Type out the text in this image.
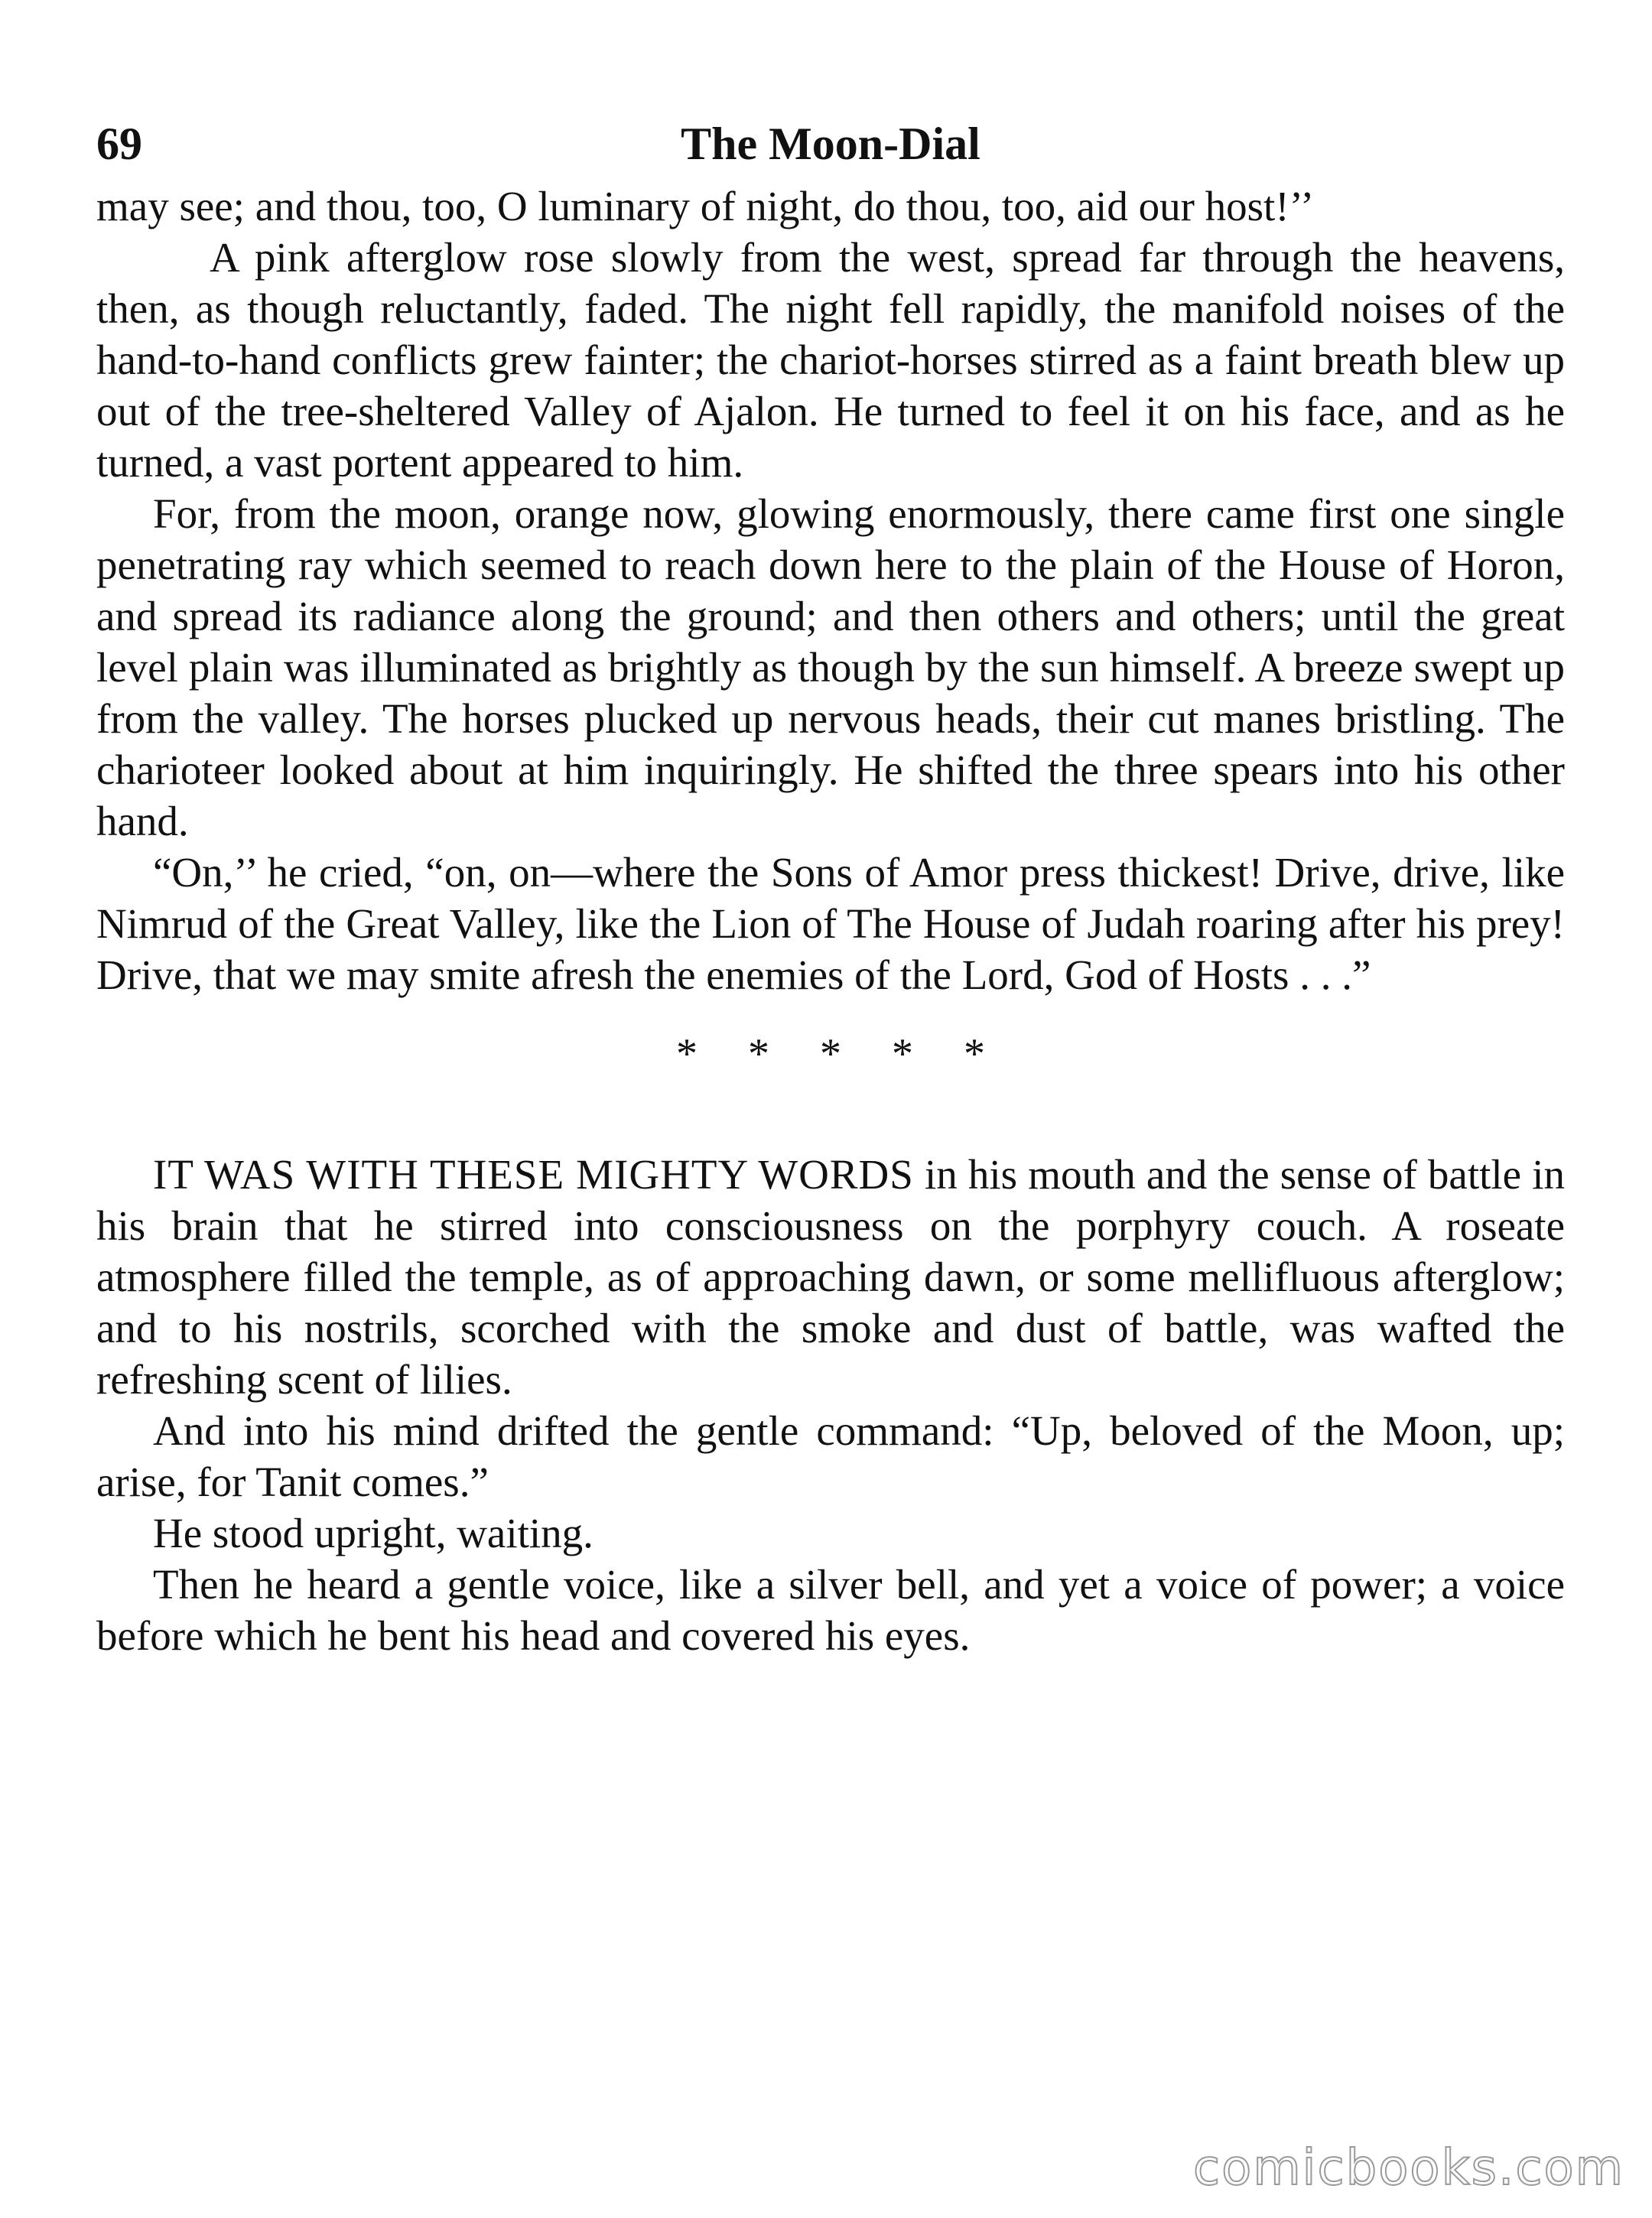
69	The Moon-Dial

may see; and thou, too, O luminary of night, do thou, too, aid our host!’’

A pink afterglow rose slowly from the west, spread far through the heavens, then, as though reluctantly, faded. The night fell rapidly, the manifold noises of the hand-to-hand conflicts grew fainter; the chariot-horses stirred as a faint breath blew up out of the tree-sheltered Valley of Ajalon. He turned to feel it on his face, and as he turned, a vast portent appeared to him.

For, from the moon, orange now, glowing enormously, there came first one single penetrating ray which seemed to reach down here to the plain of the House of Horon, and spread its radiance along the ground; and then others and others; until the great level plain was illuminated as brightly as though by the sun himself. A breeze swept up from the valley. The horses plucked up nervous heads, their cut manes bristling. The charioteer looked about at him inquiringly. He shifted the three spears into his other hand.

“On,’’ he cried, “on, on—where the Sons of Amor press thickest! Drive, drive, like Nimrud of the Great Valley, like the Lion of The House of Judah roaring after his prey! Drive, that we may smite afresh the enemies of the Lord, God of Hosts . . .”

* * * * *

IT WAS WITH THESE MIGHTY WORDS in his mouth and the sense of battle in his brain that he stirred into consciousness on the porphyry couch. A roseate atmosphere filled the temple, as of approaching dawn, or some mellifluous afterglow; and to his nostrils, scorched with the smoke and dust of battle, was wafted the refreshing scent of lilies.

And into his mind drifted the gentle command: “Up, beloved of the Moon, up; arise, for Tanit comes.”

He stood upright, waiting.

Then he heard a gentle voice, like a silver bell, and yet a voice of power; a voice before which he bent his head and covered his eyes.

comicbooks.com
